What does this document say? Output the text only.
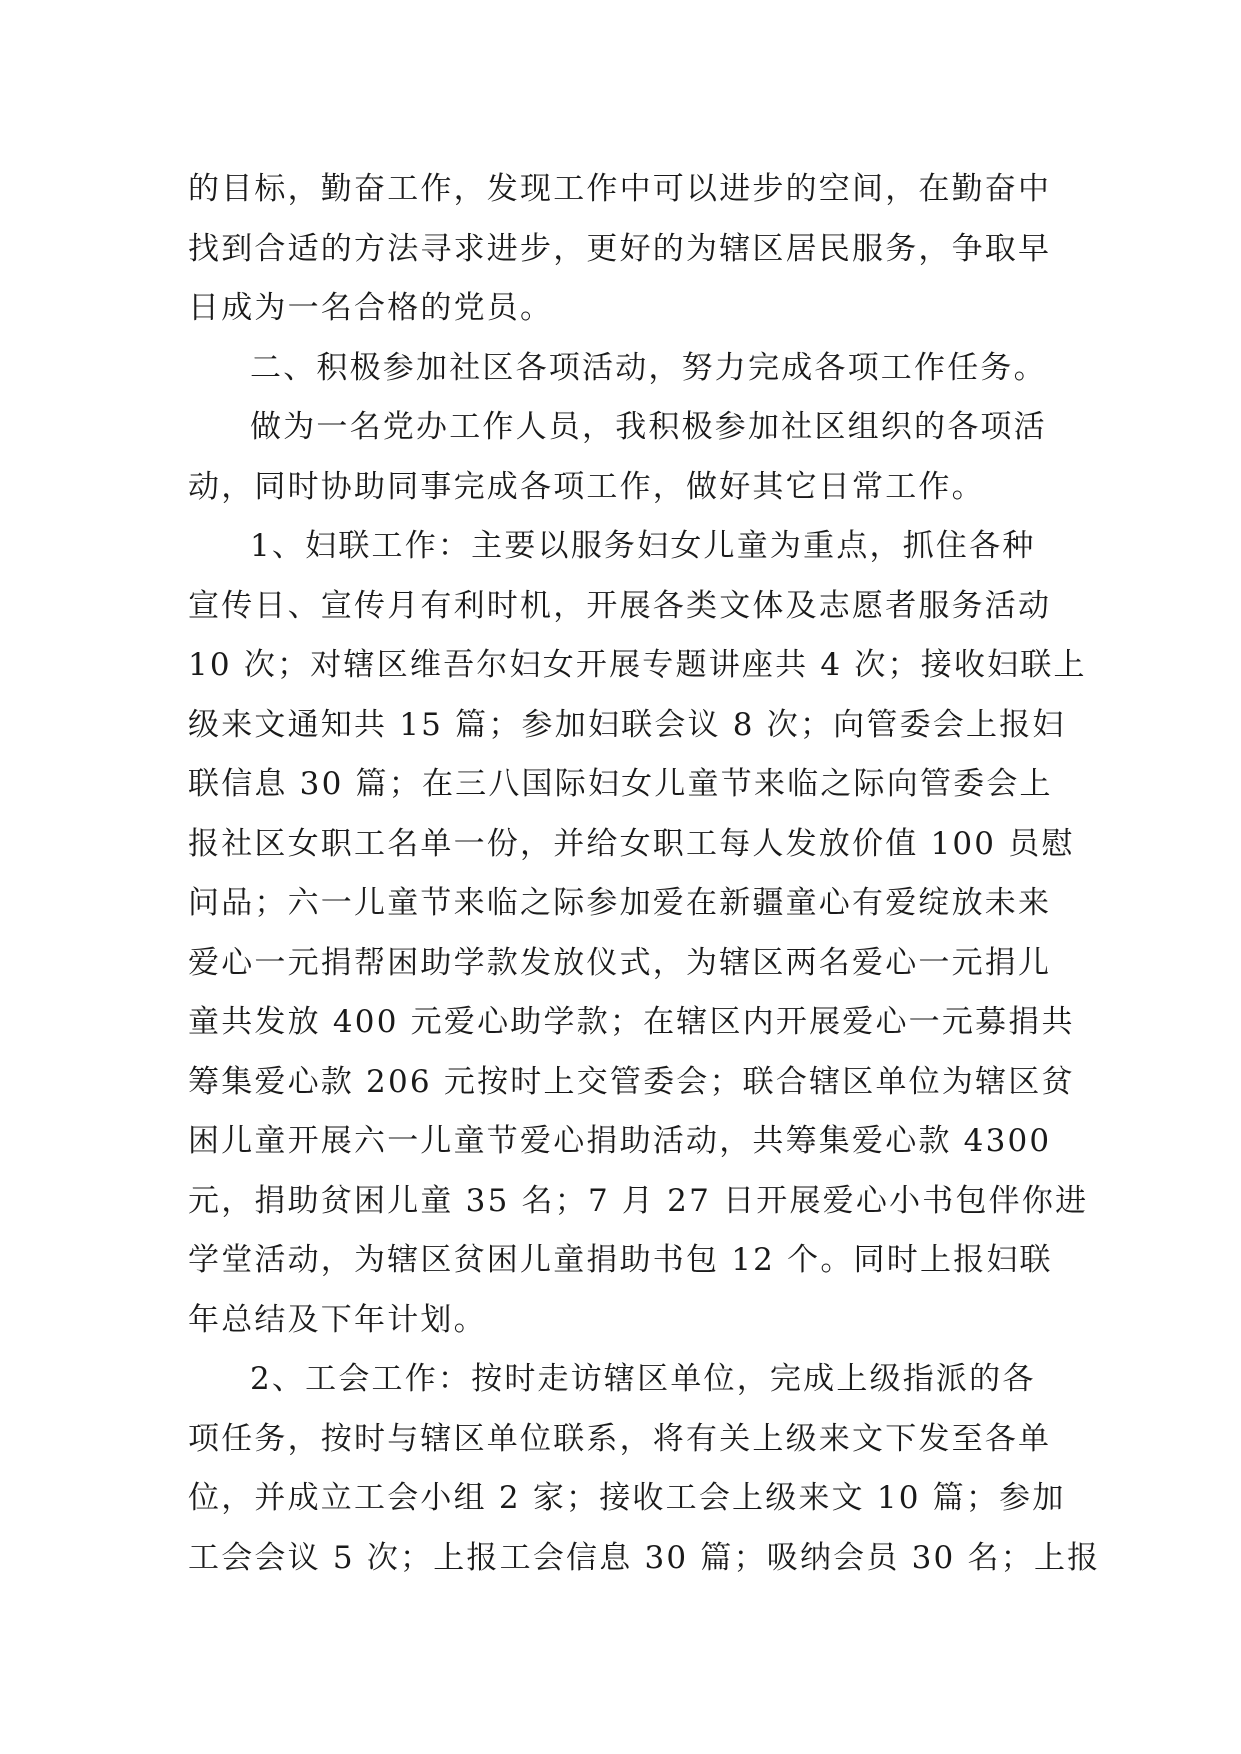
的目标，勤奋工作，发现工作中可以进步的空间，在勤奋中
找到合适的方法寻求进步，更好的为辖区居民服务，争取早
日成为一名合格的党员。
二、积极参加社区各项活动，努力完成各项工作任务。
做为一名党办工作人员，我积极参加社区组织的各项活
动，同时协助同事完成各项工作，做好其它日常工作。
1、妇联工作：主要以服务妇女儿童为重点，抓住各种
宣传日、宣传月有利时机，开展各类文体及志愿者服务活动
10 次；对辖区维吾尔妇女开展专题讲座共 4 次；接收妇联上
级来文通知共 15 篇；参加妇联会议 8 次；向管委会上报妇
联信息 30 篇；在三八国际妇女儿童节来临之际向管委会上
报社区女职工名单一份，并给女职工每人发放价值 100 员慰
问品；六一儿童节来临之际参加爱在新疆童心有爱绽放未来
爱心一元捐帮困助学款发放仪式，为辖区两名爱心一元捐儿
童共发放 400 元爱心助学款；在辖区内开展爱心一元募捐共
筹集爱心款 206 元按时上交管委会；联合辖区单位为辖区贫
困儿童开展六一儿童节爱心捐助活动，共筹集爱心款 4300
元，捐助贫困儿童 35 名；7 月 27 日开展爱心小书包伴你进
学堂活动，为辖区贫困儿童捐助书包 12 个。同时上报妇联
年总结及下年计划。
2、工会工作：按时走访辖区单位，完成上级指派的各
项任务，按时与辖区单位联系，将有关上级来文下发至各单
位，并成立工会小组 2 家；接收工会上级来文 10 篇；参加
工会会议 5 次；上报工会信息 30 篇；吸纳会员 30 名；上报
